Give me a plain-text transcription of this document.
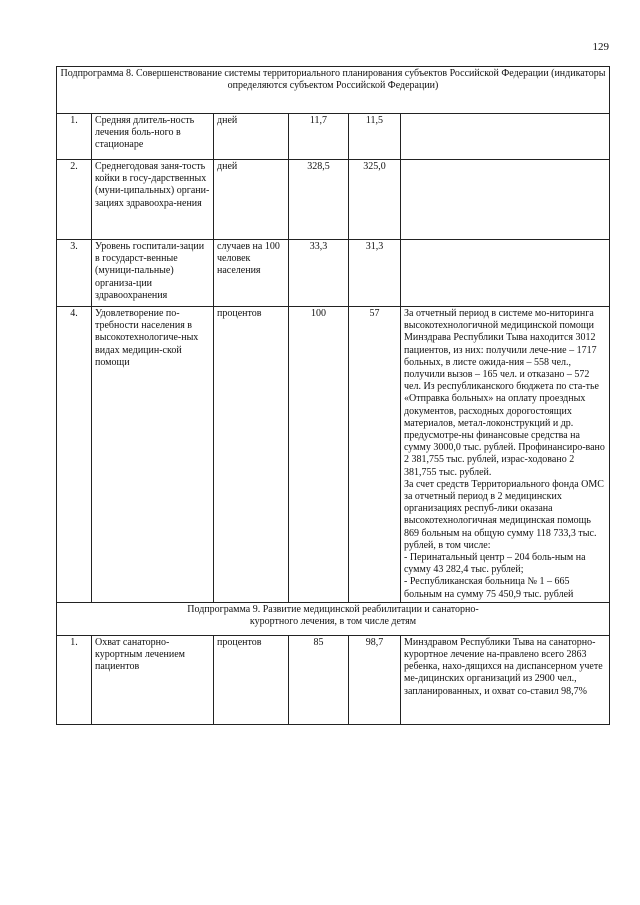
129
Подпрограмма 8. Совершенствование системы территориального планирования субъектов Российской Федерации (индикаторы определяются субъектом Российской Федерации)					
1.	Средняя длитель-ность лечения боль-ного в стационаре	дней	11,7	11,5	
2.	Среднегодовая заня-тость койки в госу-дарственных (муни-ципальных) органи-зациях здравоохра-нения	дней	328,5	325,0	
3.	Уровень госпитали-зации в государст-венные (муници-пальные) организа-ции здравоохранения	случаев на 100 человек населения	33,3	31,3	
4.	Удовлетворение по-требности населения в высокотехнологиче-ных видах медицин-ской помощи	процентов	100	57	За отчетный период в системе мо-ниторинга высокотехнологичной медицинской помощи Минздрава Республики Тыва находится 3012 пациентов, из них: получили лече-ние – 1717 больных, в листе ожида-ния – 558 чел., получили вызов – 165 чел. и отказано – 572 чел. Из республиканского бюджета по ста-тье «Отправка больных» на оплату проездных документов, расходных дорогостоящих материалов, метал-локонструкций и др. предусмотре-ны финансовые средства на сумму 3000,0 тыс. рублей. Профинансиро-вано 2 381,755 тыс. рублей, израс-ходовано 2 381,755 тыс. рублей.
За счет средств Территориального фонда ОМС за отчетный период в 2 медицинских организациях респуб-лики оказана высокотехнологичная медицинская помощь 869 больным на общую сумму 118 733,3 тыс. рублей, в том числе:
- Перинатальный центр – 204 боль-ным на сумму 43 282,4 тыс. рублей;
- Республиканская больница № 1 – 665 больным на сумму 75 450,9 тыс. рублей
Подпрограмма 9. Развитие медицинской реабилитации и санаторно-курортного лечения, в том числе детям					
1.	Охват санаторно-курортным лечением пациентов	процентов	85	98,7	Минздравом Республики Тыва на санаторно-курортное лечение на-правлено всего 2863 ребенка, нахо-дящихся на диспансерном учете ме-дицинских организаций из 2900 чел., запланированных, и охват со-ставил 98,7%
